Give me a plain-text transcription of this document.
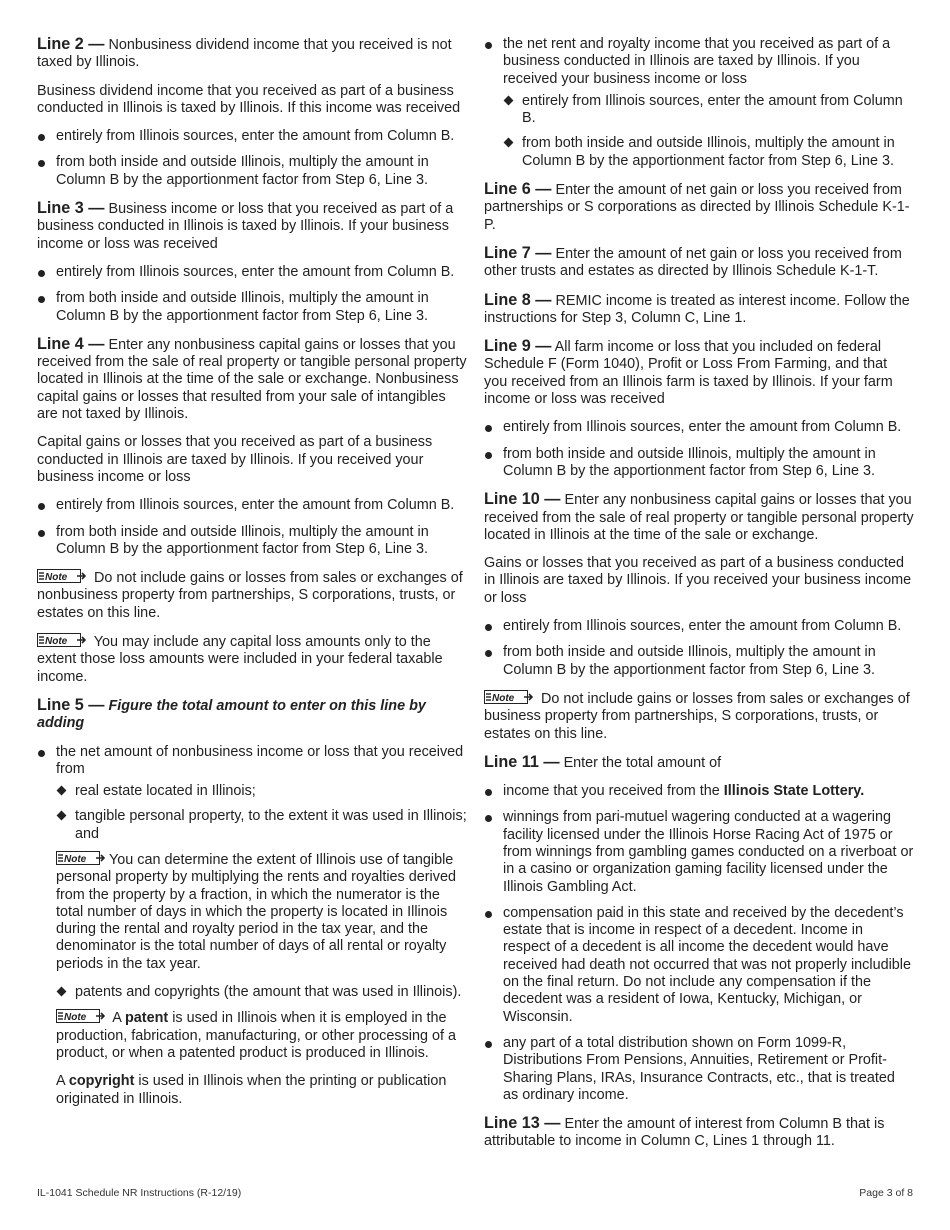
Line 2 — Nonbusiness dividend income that you received is not taxed by Illinois.

Business dividend income that you received as part of a business conducted in Illinois is taxed by Illinois. If this income was received

entirely from Illinois sources, enter the amount from Column B.
from both inside and outside Illinois, multiply the amount in Column B by the apportionment factor from Step 6, Line 3.

Line 3 — Business income or loss that you received as part of a business conducted in Illinois is taxed by Illinois. If your business income or loss was received

entirely from Illinois sources, enter the amount from Column B.
from both inside and outside Illinois, multiply the amount in Column B by the apportionment factor from Step 6, Line 3.

Line 4 — Enter any nonbusiness capital gains or losses that you received from the sale of real property or tangible personal property located in Illinois at the time of the sale or exchange. Nonbusiness capital gains or losses that resulted from your sale of intangibles are not taxed by Illinois.

Capital gains or losses that you received as part of a business conducted in Illinois are taxed by Illinois. If you received your business income or loss

entirely from Illinois sources, enter the amount from Column B.
from both inside and outside Illinois, multiply the amount in Column B by the apportionment factor from Step 6, Line 3.

Note Do not include gains or losses from sales or exchanges of nonbusiness property from partnerships, S corporations, trusts, or estates on this line.

Note You may include any capital loss amounts only to the extent those loss amounts were included in your federal taxable income.

Line 5 — Figure the total amount to enter on this line by adding

the net amount of nonbusiness income or loss that you received from
real estate located in Illinois;
tangible personal property, to the extent it was used in Illinois; and

Note You can determine the extent of Illinois use of tangible personal property by multiplying the rents and royalties derived from the property by a fraction, in which the numerator is the total number of days in which the property is located in Illinois during the rental and royalty period in the tax year, and the denominator is the total number of days of all rental or royalty periods in the tax year.

patents and copyrights (the amount that was used in Illinois).

Note A patent is used in Illinois when it is employed in the production, fabrication, manufacturing, or other processing of a product, or when a patented product is produced in Illinois.

A copyright is used in Illinois when the printing or publication originated in Illinois.

the net rent and royalty income that you received as part of a business conducted in Illinois are taxed by Illinois. If you received your business income or loss
entirely from Illinois sources, enter the amount from Column B.
from both inside and outside Illinois, multiply the amount in Column B by the apportionment factor from Step 6, Line 3.

Line 6 — Enter the amount of net gain or loss you received from partnerships or S corporations as directed by Illinois Schedule K-1-P.

Line 7 — Enter the amount of net gain or loss you received from other trusts and estates as directed by Illinois Schedule K-1-T.

Line 8 — REMIC income is treated as interest income. Follow the instructions for Step 3, Column C, Line 1.

Line 9 — All farm income or loss that you included on federal Schedule F (Form 1040), Profit or Loss From Farming, and that you received from an Illinois farm is taxed by Illinois. If your farm income or loss was received

entirely from Illinois sources, enter the amount from Column B.
from both inside and outside Illinois, multiply the amount in Column B by the apportionment factor from Step 6, Line 3.

Line 10 — Enter any nonbusiness capital gains or losses that you received from the sale of real property or tangible personal property located in Illinois at the time of the sale or exchange.

Gains or losses that you received as part of a business conducted in Illinois are taxed by Illinois. If you received your business income or loss

entirely from Illinois sources, enter the amount from Column B.
from both inside and outside Illinois, multiply the amount in Column B by the apportionment factor from Step 6, Line 3.

Note Do not include gains or losses from sales or exchanges of business property from partnerships, S corporations, trusts, or estates on this line.

Line 11 — Enter the total amount of

income that you received from the Illinois State Lottery.
winnings from pari-mutuel wagering conducted at a wagering facility licensed under the Illinois Horse Racing Act of 1975 or from winnings from gambling games conducted on a riverboat or in a casino or organization gaming facility licensed under the Illinois Gambling Act.
compensation paid in this state and received by the decedent’s estate that is income in respect of a decedent. Income in respect of a decedent is all income the decedent would have received had death not occurred that was not properly includible on the final return. Do not include any compensation if the decedent was a resident of Iowa, Kentucky, Michigan, or Wisconsin.
any part of a total distribution shown on Form 1099-R, Distributions From Pensions, Annuities, Retirement or Profit-Sharing Plans, IRAs, Insurance Contracts, etc., that is treated as ordinary income.

Line 13 — Enter the amount of interest from Column B that is attributable to income in Column C, Lines 1 through 11.

IL-1041 Schedule NR Instructions (R-12/19)	Page 3 of 8
